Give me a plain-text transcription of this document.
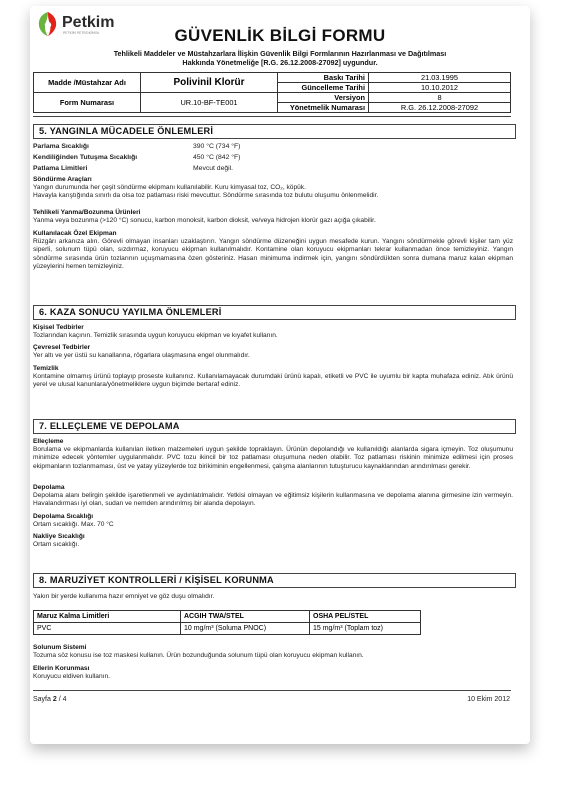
Petkim
PETKİM PETROKİMYA	GÜVENLİK BİLGİ FORMU
Tehlikeli Maddeler ve Müstahzarlara İlişkin Güvenlik Bilgi Formlarının Hazırlanması ve Dağıtılması
Hakkında Yönetmeliğe [R.G. 26.12.2008-27092] uygundur.
Madde /Müstahzar Adı	Polivinil Klorür	Baskı Tarihi	21.03.1995
		Güncelleme Tarihi	10.10.2012
Form Numarası	UR.10-BF-TE001	Versiyon	8
		Yönetmelik Numarası	R.G. 26.12.2008-27092
5. YANGINLA MÜCADELE ÖNLEMLERİ
Parlama Sıcaklığı	390 °C (734 °F)
Kendiliğinden Tutuşma Sıcaklığı	450 °C (842 °F)
Patlama Limitleri	Mevcut değil.
Söndürme Araçları
Yangın durumunda her çeşit söndürme ekipmanı kullanılabilir. Kuru kimyasal toz, CO₂, köpük.
Havayla karıştığında sınırlı da olsa toz patlaması riski mevcuttur. Söndürme sırasında toz bulutu oluşumu önlenmelidir.
Tehlikeli Yanma/Bozunma Ürünleri
Yanma veya bozunma (>120 °C) sonucu, karbon monoksit, karbon dioksit, ve/veya hidrojen klorür gazı açığa çıkabilir.
Kullanılacak Özel Ekipman
Rüzgârı arkanıza alın. Görevli olmayan insanları uzaklaştırın. Yangın söndürme düzeneğini uygun mesafede kurun. Yangını söndürmekle görevli kişiler tam yüz siperli, solunum tüpü olan, sızdırmaz, koruyucu ekipman kullanılmalıdır. Kontamine olan koruyucu ekipmanları tekrar kullanmadan önce temizleyiniz. Yangın söndürme sırasında ürün tozlarının uçuşmamasına özen gösteriniz. Hasarı minimuma indirmek için, yangını söndürdükten sonra dumana maruz kalan ekipman yüzeylerini hemen temizleyiniz.
6. KAZA SONUCU YAYILMA ÖNLEMLERİ
Kişisel Tedbirler
Tozlarından kaçının. Temizlik sırasında uygun koruyucu ekipman ve kıyafet kullanın.
Çevresel Tedbirler
Yer altı ve yer üstü su kanallarına, rögarlara ulaşmasına engel olunmalıdır.
Temizlik
Kontamine olmamış ürünü toplayıp proseste kullanınız. Kullanılamayacak durumdaki ürünü kapalı, etiketli ve PVC ile uyumlu bir kapta muhafaza ediniz. Atık ürünü yerel ve ulusal kanunlara/yönetmeliklere uygun biçimde bertaraf ediniz.
7. ELLEÇLEME VE DEPOLAMA
Elleçleme
Borulama ve ekipmanlarda kullanılan iletken malzemeleri uygun şekilde topraklayın. Ürünün depolandığı ve kullanıldığı alanlarda sigara içmeyin. Toz oluşumunu minimize edecek yöntemler uygulanmalıdır. PVC tozu ikincil bir toz patlaması oluşumuna neden olabilir. Toz patlaması riskinin minimize edilmesi için proses ekipmanların tozlanmaması, üst ve yatay yüzeylerde toz birikiminin engellenmesi, çalışma alanlarının tutuşturucu kaynaklarından arındırılması gerekir.
Depolama
Depolama alanı belirgin şekilde işaretlenmeli ve aydınlatılmalıdır. Yetkisi olmayan ve eğitimsiz kişilerin kullanmasına ve depolama alanına girmesine izin vermeyin. Havalandırması iyi olan, sudan ve nemden arındırılmış bir alanda depolayın.
Depolama Sıcaklığı
Ortam sıcaklığı. Max. 70 °C
Nakliye Sıcaklığı
Ortam sıcaklığı.
8. MARUZİYET KONTROLLERİ / KİŞİSEL KORUNMA
Yakın bir yerde kullanıma hazır emniyet ve göz duşu olmalıdır.
Maruz Kalma Limitleri	ACGIH TWA/STEL	OSHA PEL/STEL
PVC	10 mg/m³ (Soluma PNOC)	15 mg/m³ (Toplam toz)
Solunum Sistemi
Tozuma söz konusu ise toz maskesi kullanın. Ürün bozunduğunda solunum tüpü olan koruyucu ekipman kullanın.
Ellerin Korunması
Koruyucu eldiven kullanın.
Sayfa 2 / 4	10 Ekim 2012
